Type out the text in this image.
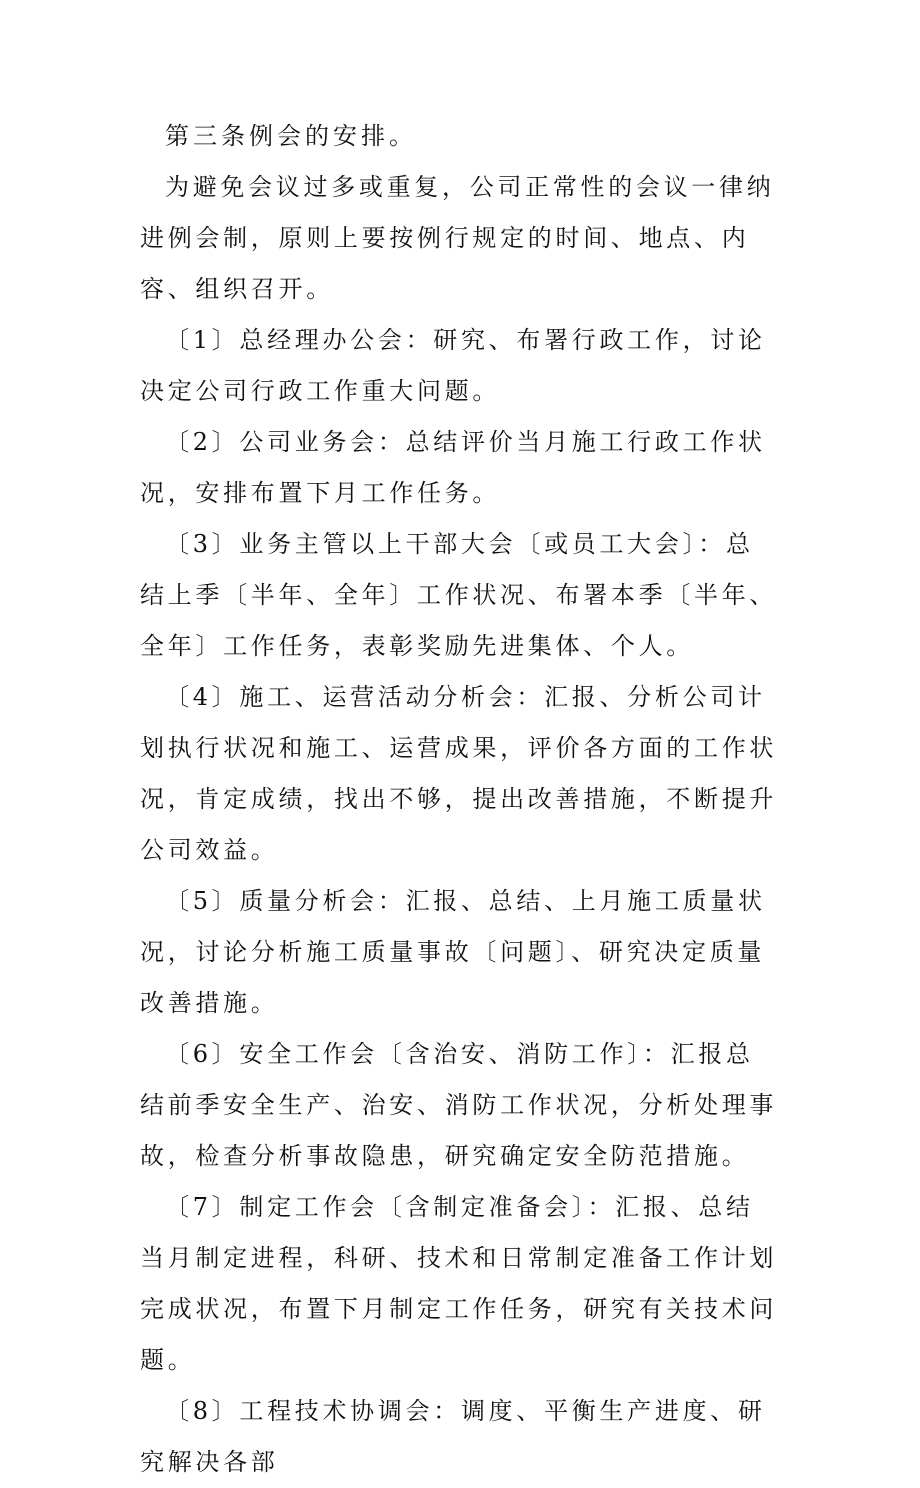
第三条例会的安排。

为避免会议过多或重复，公司正常性的会议一律纳进例会制，原则上要按例行规定的时间、地点、内容、组织召开。

〔1〕总经理办公会：研究、布署行政工作，讨论决定公司行政工作重大问题。

〔2〕公司业务会：总结评价当月施工行政工作状况，安排布置下月工作任务。

〔3〕业务主管以上干部大会〔或员工大会〕：总结上季〔半年、全年〕工作状况、布署本季〔半年、全年〕工作任务，表彰奖励先进集体、个人。

〔4〕施工、运营活动分析会：汇报、分析公司计划执行状况和施工、运营成果，评价各方面的工作状况，肯定成绩，找出不够，提出改善措施，不断提升公司效益。

〔5〕质量分析会：汇报、总结、上月施工质量状况，讨论分析施工质量事故〔问题〕、研究决定质量改善措施。

〔6〕安全工作会〔含治安、消防工作〕：汇报总结前季安全生产、治安、消防工作状况，分析处理事故，检查分析事故隐患，研究确定安全防范措施。

〔7〕制定工作会〔含制定准备会〕：汇报、总结当月制定进程，科研、技术和日常制定准备工作计划完成状况，布置下月制定工作任务，研究有关技术问题。

〔8〕工程技术协调会：调度、平衡生产进度、研究解决各部
